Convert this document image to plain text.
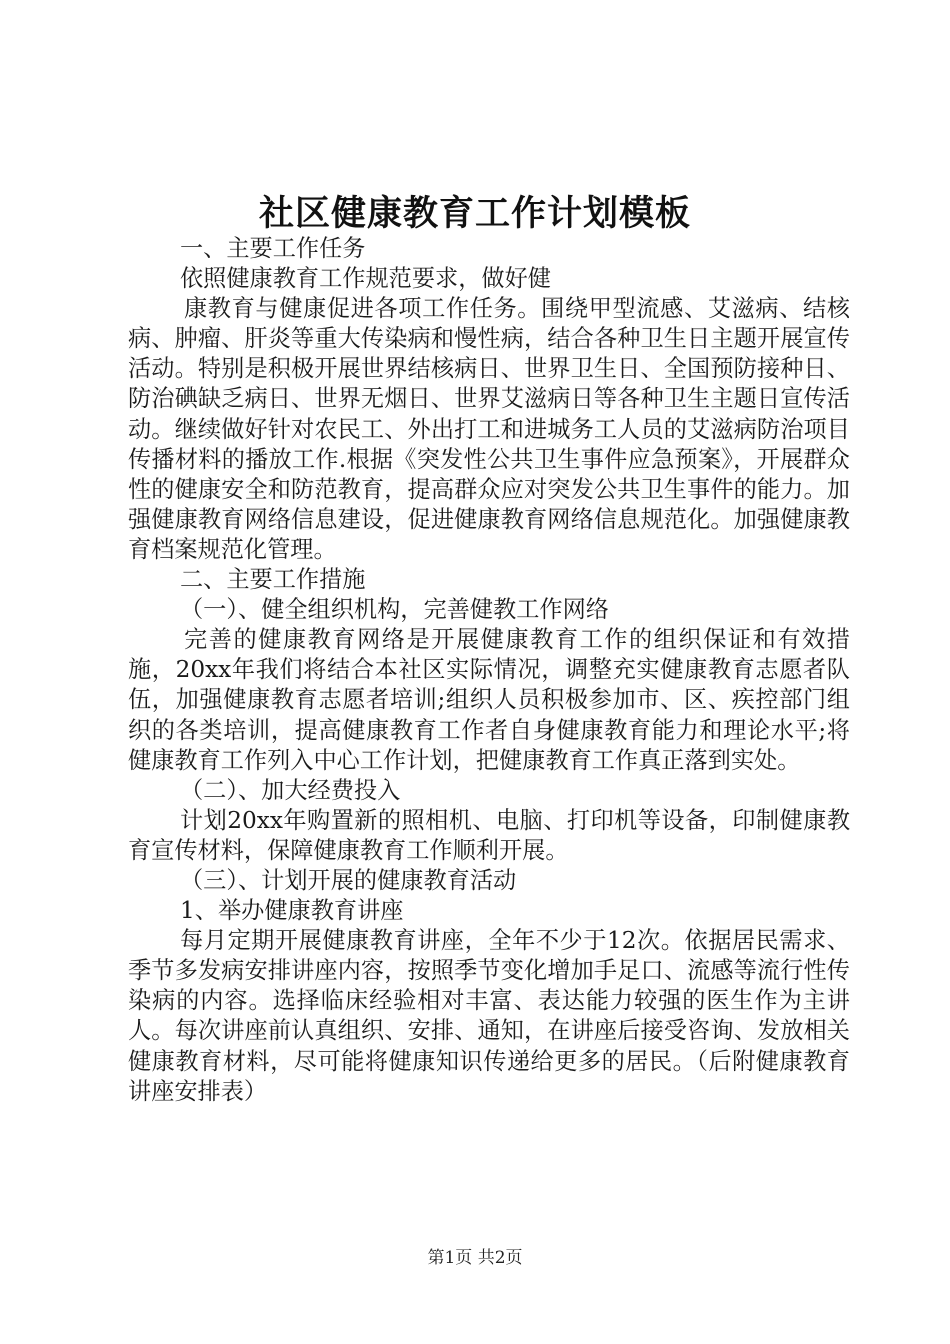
社区健康教育工作计划模板

一、主要工作任务

依照健康教育工作规范要求，做好健

康教育与健康促进各项工作任务。围绕甲型流感、艾滋病、结核病、肿瘤、肝炎等重大传染病和慢性病，结合各种卫生日主题开展宣传活动。特别是积极开展世界结核病日、世界卫生日、全国预防接种日、防治碘缺乏病日、世界无烟日、世界艾滋病日等各种卫生主题日宣传活动。继续做好针对农民工、外出打工和进城务工人员的艾滋病防治项目传播材料的播放工作.根据《突发性公共卫生事件应急预案》，开展群众性的健康安全和防范教育，提高群众应对突发公共卫生事件的能力。加强健康教育网络信息建设，促进健康教育网络信息规范化。加强健康教育档案规范化管理。

二、主要工作措施

（一）、健全组织机构，完善健教工作网络

完善的健康教育网络是开展健康教育工作的组织保证和有效措施，20xx年我们将结合本社区实际情况，调整充实健康教育志愿者队伍，加强健康教育志愿者培训;组织人员积极参加市、区、疾控部门组织的各类培训，提高健康教育工作者自身健康教育能力和理论水平;将健康教育工作列入中心工作计划，把健康教育工作真正落到实处。

（二）、加大经费投入

计划20xx年购置新的照相机、电脑、打印机等设备，印制健康教育宣传材料，保障健康教育工作顺利开展。

（三）、计划开展的健康教育活动

1、举办健康教育讲座

每月定期开展健康教育讲座，全年不少于12次。依据居民需求、季节多发病安排讲座内容，按照季节变化增加手足口、流感等流行性传染病的内容。选择临床经验相对丰富、表达能力较强的医生作为主讲人。每次讲座前认真组织、安排、通知，在讲座后接受咨询、发放相关健康教育材料，尽可能将健康知识传递给更多的居民。（后附健康教育讲座安排表）

第1页 共2页
